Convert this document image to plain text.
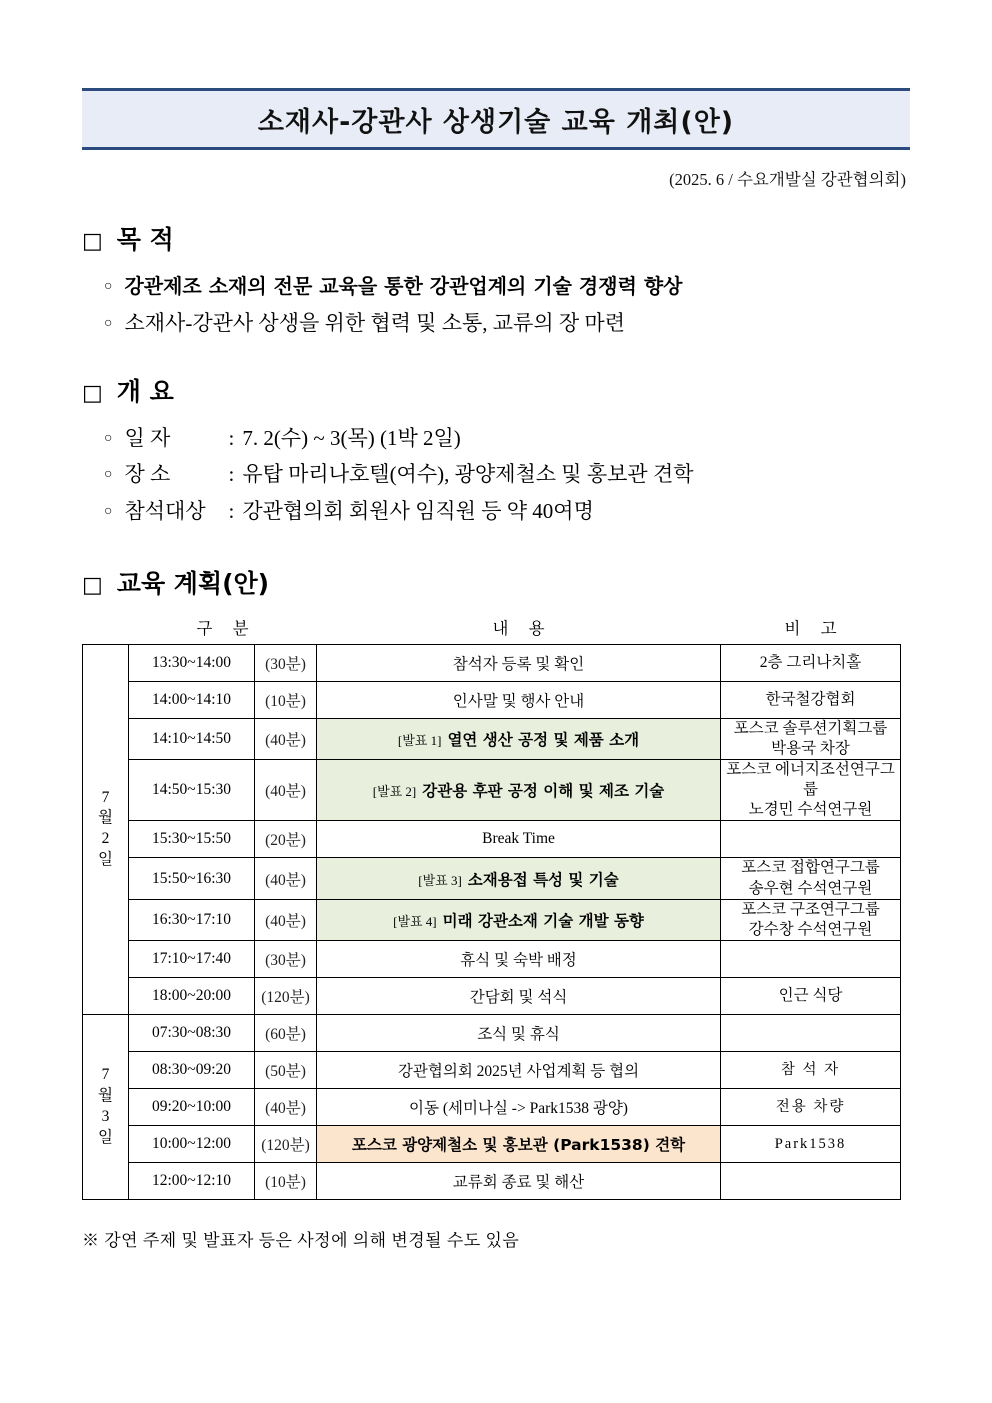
소재사-강관사 상생기술 교육 개최(안)
(2025. 6 / 수요개발실 강관협의회)
□ 목 적
○ 강관제조 소재의 전문 교육을 통한 강관업계의 기술 경쟁력 향상
○ 소재사-강관사 상생을 위한 협력 및 소통, 교류의 장 마련
□ 개 요
○ 일 자	: 7. 2(수) ~ 3(목) (1박 2일)
○ 장 소	: 유탑 마리나호텔(여수), 광양제철소 및 홍보관 견학
○ 참석대상	: 강관협의회 회원사 임직원 등 약 40여명
□ 교육 계획(안)
	구 분		내 용	비 고
7
월
2
일	13:30~14:00	(30분)	참석자 등록 및 확인	2층 그리나치홀
	14:00~14:10	(10분)	인사말 및 행사 안내	한국철강협회
	14:10~14:50	(40분)	[발표 1] 열연 생산 공정 및 제품 소개	포스코 솔루션기획그룹
박용국 차장
	14:50~15:30	(40분)	[발표 2] 강관용 후판 공정 이해 및 제조 기술	포스코 에너지조선연구그룹
노경민 수석연구원
	15:30~15:50	(20분)	Break Time	
	15:50~16:30	(40분)	[발표 3] 소재용접 특성 및 기술	포스코 접합연구그룹
송우현 수석연구원
	16:30~17:10	(40분)	[발표 4] 미래 강관소재 기술 개발 동향	포스코 구조연구그룹
강수창 수석연구원
	17:10~17:40	(30분)	휴식 및 숙박 배정	
	18:00~20:00	(120분)	간담회 및 석식	인근 식당
7
월
3
일	07:30~08:30	(60분)	조식 및 휴식	
	08:30~09:20	(50분)	강관협의회 2025년 사업계획 등 협의	참 석 자
	09:20~10:00	(40분)	이동 (세미나실 -> Park1538 광양)	전용 차량
	10:00~12:00	(120분)	포스코 광양제철소 및 홍보관 (Park1538) 견학	Park1538
	12:00~12:10	(10분)	교류회 종료 및 해산	
※ 강연 주제 및 발표자 등은 사정에 의해 변경될 수도 있음
